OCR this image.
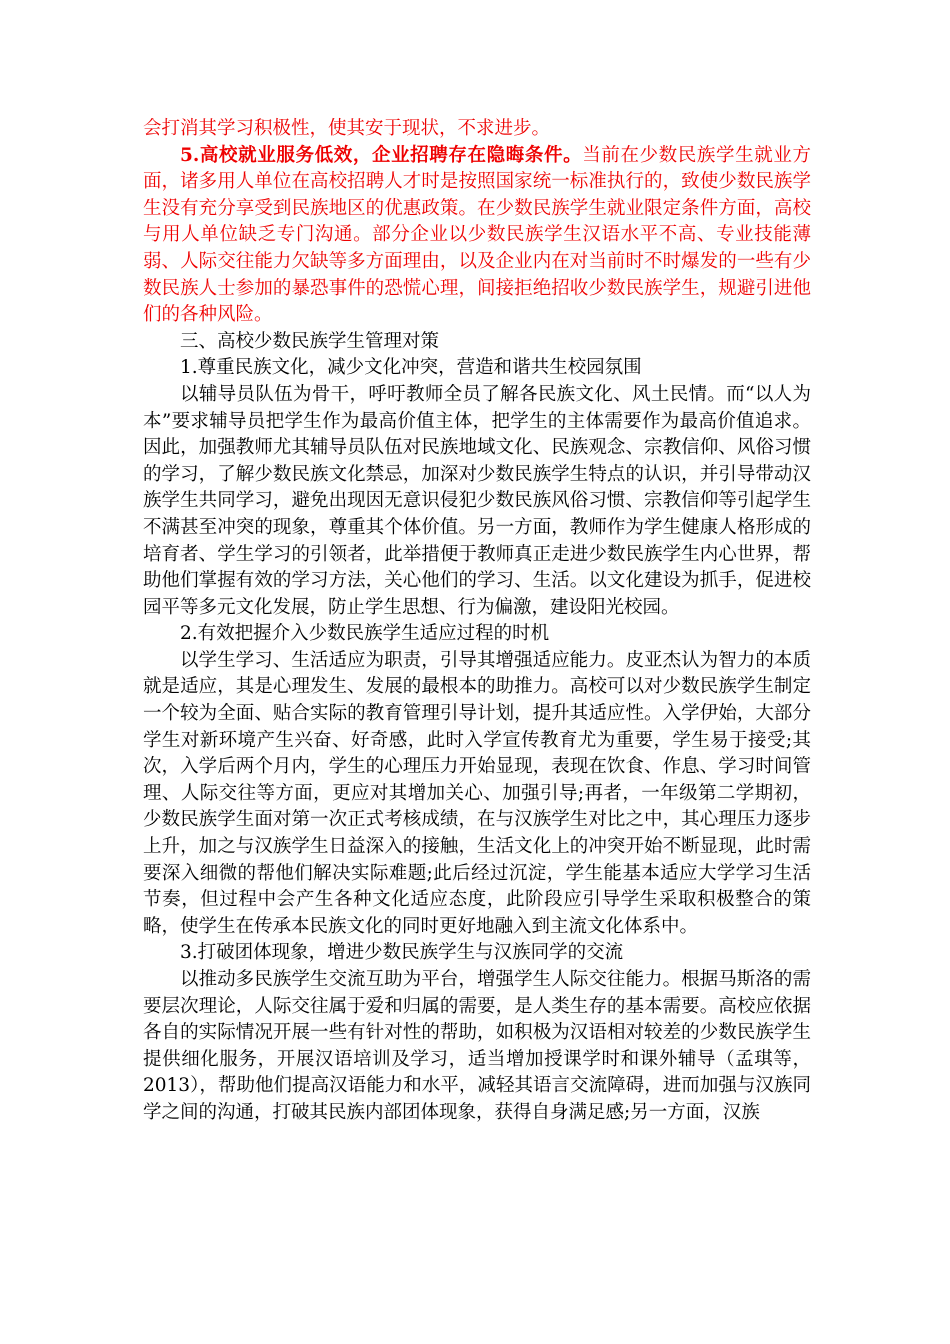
会打消其学习积极性，使其安于现状，不求进步。

5.高校就业服务低效，企业招聘存在隐晦条件。当前在少数民族学生就业方面，诸多用人单位在高校招聘人才时是按照国家统一标准执行的，致使少数民族学生没有充分享受到民族地区的优惠政策。在少数民族学生就业限定条件方面，高校与用人单位缺乏专门沟通。部分企业以少数民族学生汉语水平不高、专业技能薄弱、人际交往能力欠缺等多方面理由，以及企业内在对当前时不时爆发的一些有少数民族人士参加的暴恐事件的恐慌心理，间接拒绝招收少数民族学生，规避引进他们的各种风险。

三、高校少数民族学生管理对策

1.尊重民族文化，减少文化冲突，营造和谐共生校园氛围

以辅导员队伍为骨干，呼吁教师全员了解各民族文化、风土民情。而“以人为本”要求辅导员把学生作为最高价值主体，把学生的主体需要作为最高价值追求。因此，加强教师尤其辅导员队伍对民族地域文化、民族观念、宗教信仰、风俗习惯的学习，了解少数民族文化禁忌，加深对少数民族学生特点的认识，并引导带动汉族学生共同学习，避免出现因无意识侵犯少数民族风俗习惯、宗教信仰等引起学生不满甚至冲突的现象，尊重其个体价值。另一方面，教师作为学生健康人格形成的培育者、学生学习的引领者，此举措便于教师真正走进少数民族学生内心世界，帮助他们掌握有效的学习方法，关心他们的学习、生活。以文化建设为抓手，促进校园平等多元文化发展，防止学生思想、行为偏激，建设阳光校园。

2.有效把握介入少数民族学生适应过程的时机

以学生学习、生活适应为职责，引导其增强适应能力。皮亚杰认为智力的本质就是适应，其是心理发生、发展的最根本的助推力。高校可以对少数民族学生制定一个较为全面、贴合实际的教育管理引导计划，提升其适应性。入学伊始，大部分学生对新环境产生兴奋、好奇感，此时入学宣传教育尤为重要，学生易于接受;其次，入学后两个月内，学生的心理压力开始显现，表现在饮食、作息、学习时间管理、人际交往等方面，更应对其增加关心、加强引导;再者，一年级第二学期初，少数民族学生面对第一次正式考核成绩，在与汉族学生对比之中，其心理压力逐步上升，加之与汉族学生日益深入的接触，生活文化上的冲突开始不断显现，此时需要深入细微的帮他们解决实际难题;此后经过沉淀，学生能基本适应大学学习生活节奏，但过程中会产生各种文化适应态度，此阶段应引导学生采取积极整合的策略，使学生在传承本民族文化的同时更好地融入到主流文化体系中。

3.打破团体现象，增进少数民族学生与汉族同学的交流

以推动多民族学生交流互助为平台，增强学生人际交往能力。根据马斯洛的需要层次理论，人际交往属于爱和归属的需要，是人类生存的基本需要。高校应依据各自的实际情况开展一些有针对性的帮助，如积极为汉语相对较差的少数民族学生提供细化服务，开展汉语培训及学习，适当增加授课学时和课外辅导（孟琪等，2013），帮助他们提高汉语能力和水平，减轻其语言交流障碍，进而加强与汉族同学之间的沟通，打破其民族内部团体现象，获得自身满足感;另一方面，汉族
